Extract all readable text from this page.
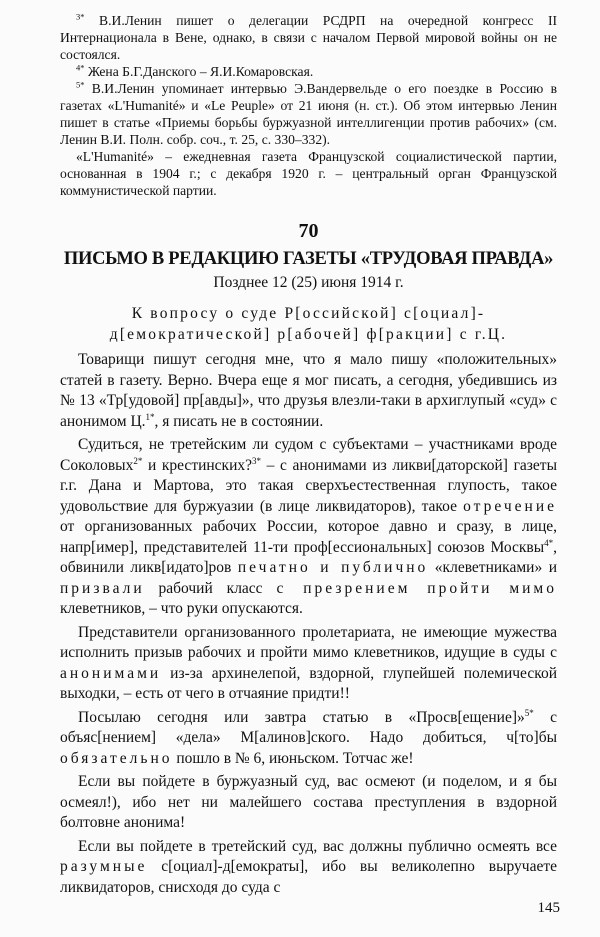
$^{3*}$ В.И.Ленин пишет о делегации РСДРП на очередной конгресс II Интернационала в Вене, однако, в связи с началом Первой мировой войны он не состоялся.

$^{4*}$ Жена Б.Г.Данского – Я.И.Комаровская.

$^{5*}$ В.И.Ленин упоминает интервью Э.Вандервельде о его поездке в Россию в газетах «L'Humanité» и «Le Peuple» от 21 июня (н. ст.). Об этом интервью Ленин пишет в статье «Приемы борьбы буржуазной интеллигенции против рабочих» (см. Ленин В.И. Полн. собр. соч., т. 25, с. 330–332).

«L'Humanité» – ежедневная газета Французской социалистической партии, основанная в 1904 г.; с декабря 1920 г. – центральный орган Французской коммунистической партии.

70
ПИСЬМО В РЕДАКЦИЮ ГАЗЕТЫ «ТРУДОВАЯ ПРАВДА»
Позднее 12 (25) июня 1914 г.
К вопросу о суде Р[оссийской] с[оциал]-д[емократической] р[абочей] ф[ракции] с г.Ц.

Товарищи пишут сегодня мне, что я мало пишу «положительных» статей в газету. Верно. Вчера еще я мог писать, а сегодня, убедившись из № 13 «Тр[удовой] пр[авды]», что друзья влезли-таки в архиглупый «суд» с анонимом Ц.$^{1*}$, я писать не в состоянии.

Судиться, не третейским ли судом с субъектами – участниками вроде Соколовых$^{2*}$ и крестинских?$^{3*}$ – с анонимами из ликви[даторской] газеты г.г. Дана и Мартова, это такая сверхъестественная глупость, такое удовольствие для буржуазии (в лице ликвидаторов), такое отречение от организованных рабочих России, которое давно и сразу, в лице, напр[имер], представителей 11-ти проф[ессиональных] союзов Москвы$^{4*}$, обвинили ликв[идато]ров печатно и публично «клеветниками» и призвали рабочий класс с презрением пройти мимо клеветников, – что руки опускаются.

Представители организованного пролетариата, не имеющие мужества исполнить призыв рабочих и пройти мимо клеветников, идущие в суды с анонимами из-за архинелепой, вздорной, глупейшей полемической выходки, – есть от чего в отчаяние придти!!

Посылаю сегодня или завтра статью в «Просв[ещение]»$^{5*}$ с объяс[нением] «дела» М[алинов]ского. Надо добиться, ч[то]бы обязательно пошло в № 6, июньском. Тотчас же!

Если вы пойдете в буржуазный суд, вас осмеют (и поделом, и я бы осмеял!), ибо нет ни малейшего состава преступления в вздорной болтовне анонима!

Если вы пойдете в третейский суд, вас должны публично осмеять все разумные с[оциал]-д[емократы], ибо вы великолепно выручаете ликвидаторов, снисходя до суда с

145
